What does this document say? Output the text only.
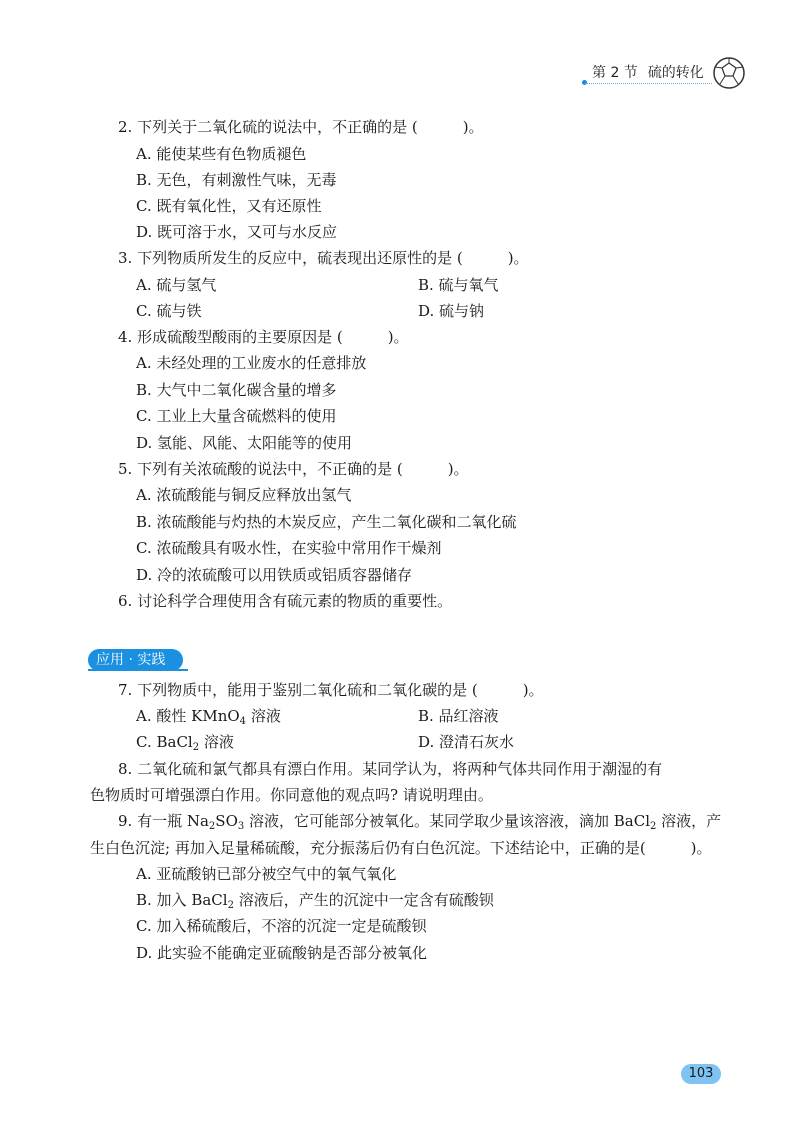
第 2 节 硫的转化
2. 下列关于二氧化硫的说法中，不正确的是 (　　　)。
A. 能使某些有色物质褪色
B. 无色，有刺激性气味，无毒
C. 既有氧化性，又有还原性
D. 既可溶于水，又可与水反应
3. 下列物质所发生的反应中，硫表现出还原性的是 (　　　)。
A. 硫与氢气	B. 硫与氧气
C. 硫与铁	D. 硫与钠
4. 形成硫酸型酸雨的主要原因是 (　　　)。
A. 未经处理的工业废水的任意排放
B. 大气中二氧化碳含量的增多
C. 工业上大量含硫燃料的使用
D. 氢能、风能、太阳能等的使用
5. 下列有关浓硫酸的说法中，不正确的是 (　　　)。
A. 浓硫酸能与铜反应释放出氢气
B. 浓硫酸能与灼热的木炭反应，产生二氧化碳和二氧化硫
C. 浓硫酸具有吸水性，在实验中常用作干燥剂
D. 冷的浓硫酸可以用铁质或铝质容器储存
6. 讨论科学合理使用含有硫元素的物质的重要性。
应用 · 实践
7. 下列物质中，能用于鉴别二氧化硫和二氧化碳的是 (　　　)。
A. 酸性 KMnO$_4$ 溶液	B. 品红溶液
C. BaCl$_2$ 溶液	D. 澄清石灰水
8. 二氧化硫和氯气都具有漂白作用。某同学认为，将两种气体共同作用于潮湿的有
色物质时可增强漂白作用。你同意他的观点吗? 请说明理由。
9. 有一瓶 $Na_2SO_3$ 溶液，它可能部分被氧化。某同学取少量该溶液，滴加 BaCl$_2$ 溶液，产
生白色沉淀; 再加入足量稀硫酸，充分振荡后仍有白色沉淀。下述结论中，正确的是(　　　)。
A. 亚硫酸钠已部分被空气中的氧气氧化
B. 加入 BaCl$_2$ 溶液后，产生的沉淀中一定含有硫酸钡
C. 加入稀硫酸后，不溶的沉淀一定是硫酸钡
D. 此实验不能确定亚硫酸钠是否部分被氧化
103
